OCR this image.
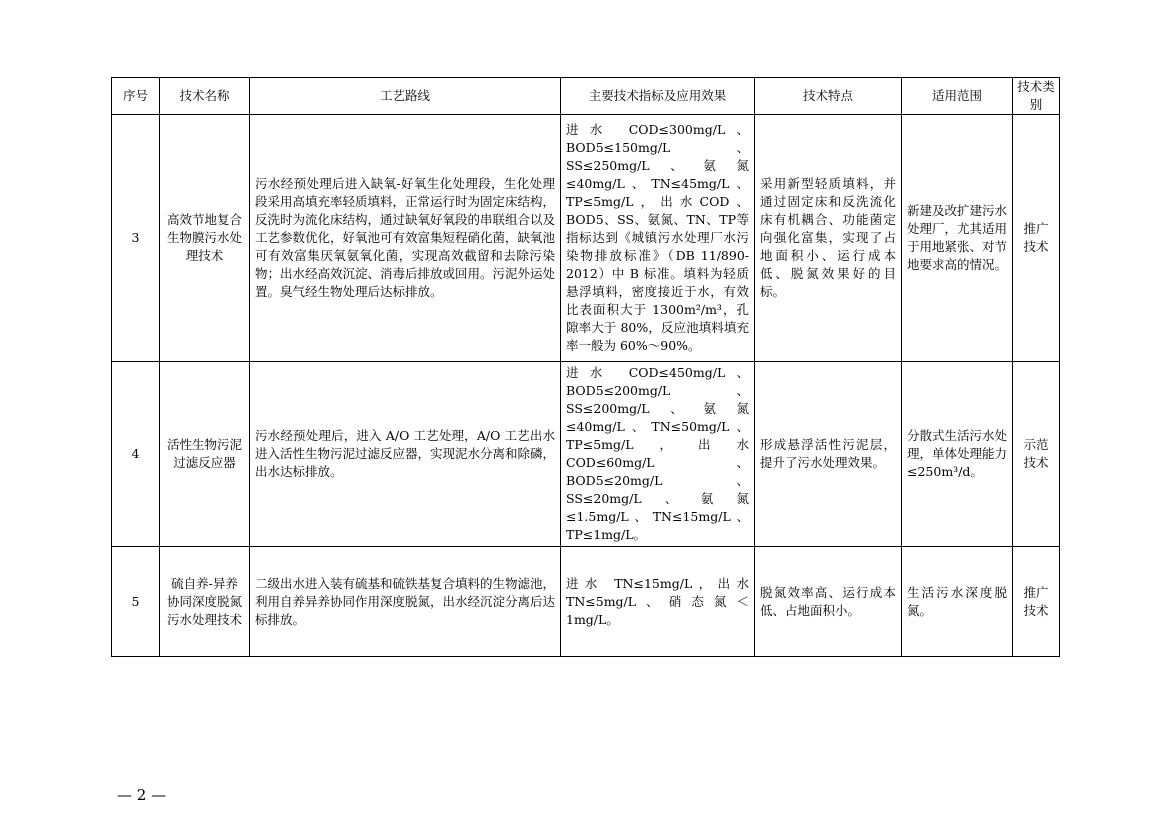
序号	技术名称	工艺路线	主要技术指标及应用效果	技术特点	适用范围	技术类别
3	高效节地复合生物膜污水处理技术	污水经预处理后进入缺氧-好氧生化处理段，生化处理段采用高填充率轻质填料，正常运行时为固定床结构，反洗时为流化床结构，通过缺氧好氧段的串联组合以及工艺参数优化，好氧池可有效富集短程硝化菌，缺氧池可有效富集厌氧氨氧化菌，实现高效截留和去除污染物；出水经高效沉淀、消毒后排放或回用。污泥外运处置。臭气经生物处理后达标排放。	进水 COD≤300mg/L、BOD5≤150mg/L、SS≤250mg/L、氨氮≤40mg/L、TN≤45mg/L、TP≤5mg/L，出水COD、BOD5、SS、氨氮、TN、TP等指标达到《城镇污水处理厂水污染物排放标准》（DB 11/890-2012）中 B 标准。填料为轻质悬浮填料，密度接近于水，有效比表面积大于 1300m²/m³，孔隙率大于 80%，反应池填料填充率一般为 60%～90%。	采用新型轻质填料，并通过固定床和反洗流化床有机耦合、功能菌定向强化富集，实现了占地面积小、运行成本低、脱氮效果好的目标。	新建及改扩建污水处理厂，尤其适用于用地紧张、对节地要求高的情况。	推广技术
4	活性生物污泥过滤反应器	污水经预处理后，进入 A/O 工艺处理，A/O 工艺出水进入活性生物污泥过滤反应器，实现泥水分离和除磷，出水达标排放。	进水 COD≤450mg/L、BOD5≤200mg/L、SS≤200mg/L、氨氮≤40mg/L、TN≤50mg/L、TP≤5mg/L，出水COD≤60mg/L、BOD5≤20mg/L、SS≤20mg/L、氨氮≤1.5mg/L、TN≤15mg/L、TP≤1mg/L。	形成悬浮活性污泥层，提升了污水处理效果。	分散式生活污水处理，单体处理能力≤250m³/d。	示范技术
5	硫自养-异养协同深度脱氮污水处理技术	二级出水进入装有硫基和硫铁基复合填料的生物滤池，利用自养异养协同作用深度脱氮，出水经沉淀分离后达标排放。	进水 TN≤15mg/L，出水 TN≤5mg/L、硝态氮＜1mg/L。	脱氮效率高、运行成本低、占地面积小。	生活污水深度脱氮。	推广技术
— 2 —
